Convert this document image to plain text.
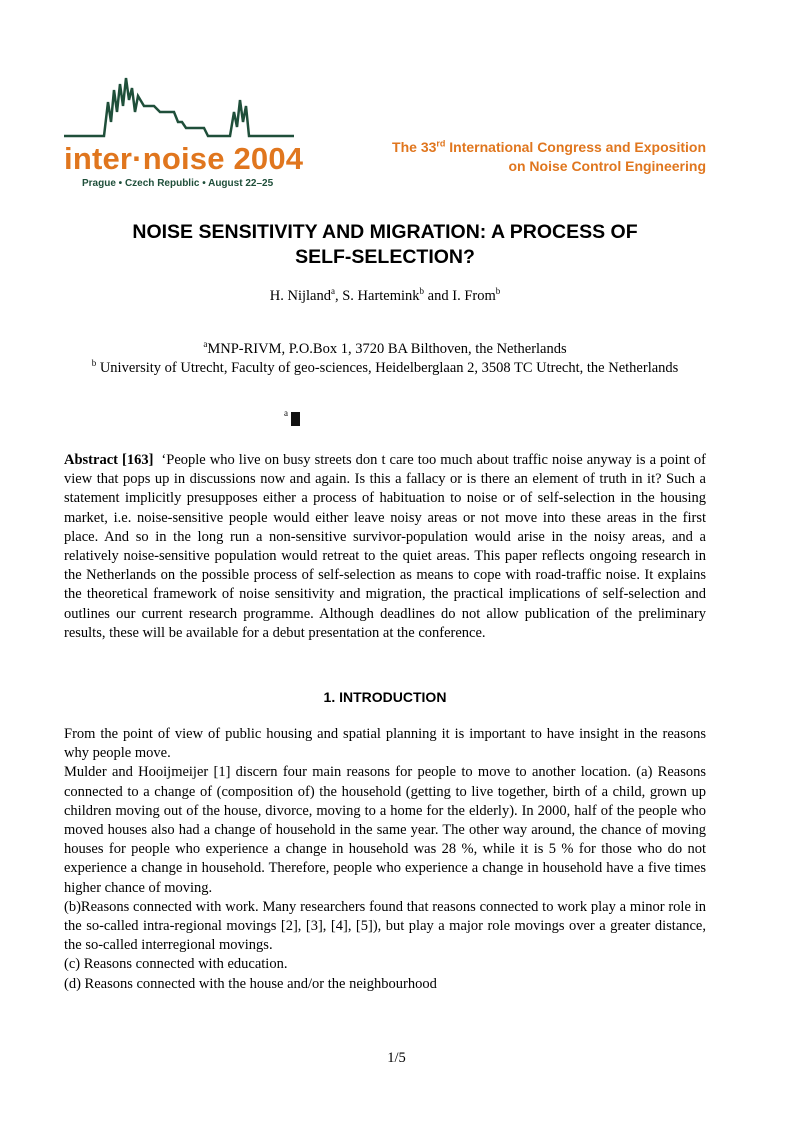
inter·noise 2004
Prague • Czech Republic • August 22–25
The 33rd International Congress and Exposition
on Noise Control Engineering
NOISE SENSITIVITY AND MIGRATION: A PROCESS OF
SELF-SELECTION?
H. Nijland$^a$, S. Hartemink$^b$ and I. From$^b$
$^a$MNP-RIVM, P.O.Box 1, 3720 BA Bilthoven, the Netherlands
$^b$ University of Utrecht, Faculty of geo-sciences, Heidelberglaan 2, 3508 TC Utrecht, the Netherlands
$^a$
Abstract [163] ‘People who live on busy streets don t care too much about traffic noise anyway is a point of view that pops up in discussions now and again. Is this a fallacy or is there an element of truth in it? Such a statement implicitly presupposes either a process of habituation to noise or of self-selection in the housing market, i.e. noise-sensitive people would either leave noisy areas or not move into these areas in the first place. And so in the long run a non-sensitive survivor-population would arise in the noisy areas, and a relatively noise-sensitive population would retreat to the quiet areas. This paper reflects ongoing research in the Netherlands on the possible process of self-selection as means to cope with road-traffic noise. It explains the theoretical framework of noise sensitivity and migration, the practical implications of self-selection and outlines our current research programme. Although deadlines do not allow publication of the preliminary results, these will be available for a debut presentation at the conference.
1. INTRODUCTION

From the point of view of public housing and spatial planning it is important to have insight in the reasons why people move.

Mulder and Hooijmeijer [1] discern four main reasons for people to move to another location. (a) Reasons connected to a change of (composition of) the household (getting to live together, birth of a child, grown up children moving out of the house, divorce, moving to a home for the elderly). In 2000, half of the people who moved houses also had a change of household in the same year. The other way around, the chance of moving houses for people who experience a change in household was 28 %, while it is 5 % for those who do not experience a change in household. Therefore, people who experience a change in household have a five times higher chance of moving.

(b)Reasons connected with work. Many researchers found that reasons connected to work play a minor role in the so-called intra-regional movings [2], [3], [4], [5]), but play a major role movings over a greater distance, the so-called interregional movings.

(c) Reasons connected with education.

(d) Reasons connected with the house and/or the neighbourhood

1/5
